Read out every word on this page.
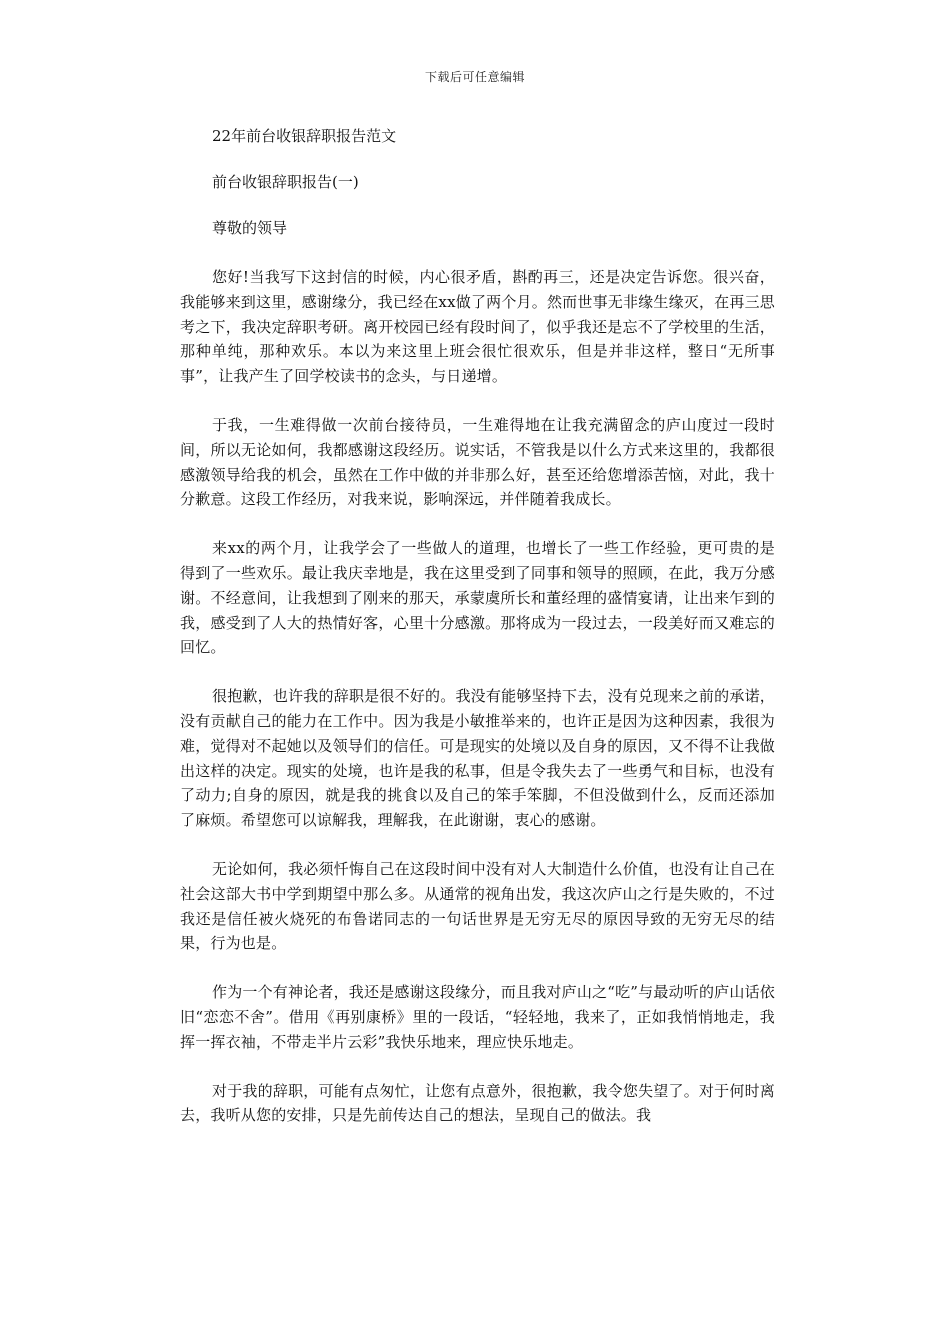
下载后可任意编辑

22年前台收银辞职报告范文

前台收银辞职报告(一)

尊敬的领导

您好!当我写下这封信的时候，内心很矛盾，斟酌再三，还是决定告诉您。很兴奋，我能够来到这里，感谢缘分，我已经在xx做了两个月。然而世事无非缘生缘灭，在再三思考之下，我决定辞职考研。离开校园已经有段时间了，似乎我还是忘不了学校里的生活，那种单纯，那种欢乐。本以为来这里上班会很忙很欢乐，但是并非这样，整日“无所事事”，让我产生了回学校读书的念头，与日递增。

于我，一生难得做一次前台接待员，一生难得地在让我充满留念的庐山度过一段时间，所以无论如何，我都感谢这段经历。说实话，不管我是以什么方式来这里的，我都很感激领导给我的机会，虽然在工作中做的并非那么好，甚至还给您增添苦恼，对此，我十分歉意。这段工作经历，对我来说，影响深远，并伴随着我成长。

来xx的两个月，让我学会了一些做人的道理，也增长了一些工作经验，更可贵的是得到了一些欢乐。最让我庆幸地是，我在这里受到了同事和领导的照顾，在此，我万分感谢。不经意间，让我想到了刚来的那天，承蒙虞所长和董经理的盛情宴请，让出来乍到的我，感受到了人大的热情好客，心里十分感激。那将成为一段过去，一段美好而又难忘的回忆。

很抱歉，也许我的辞职是很不好的。我没有能够坚持下去，没有兑现来之前的承诺，没有贡献自己的能力在工作中。因为我是小敏推举来的，也许正是因为这种因素，我很为难，觉得对不起她以及领导们的信任。可是现实的处境以及自身的原因，又不得不让我做出这样的决定。现实的处境，也许是我的私事，但是令我失去了一些勇气和目标，也没有了动力;自身的原因，就是我的挑食以及自己的笨手笨脚，不但没做到什么，反而还添加了麻烦。希望您可以谅解我，理解我，在此谢谢，衷心的感谢。

无论如何，我必须忏悔自己在这段时间中没有对人大制造什么价值，也没有让自己在社会这部大书中学到期望中那么多。从通常的视角出发，我这次庐山之行是失败的，不过我还是信任被火烧死的布鲁诺同志的一句话世界是无穷无尽的原因导致的无穷无尽的结果，行为也是。

作为一个有神论者，我还是感谢这段缘分，而且我对庐山之“吃”与最动听的庐山话依旧“恋恋不舍”。借用《再别康桥》里的一段话，“轻轻地，我来了，正如我悄悄地走，我挥一挥衣袖，不带走半片云彩”我快乐地来，理应快乐地走。

对于我的辞职，可能有点匆忙，让您有点意外，很抱歉，我令您失望了。对于何时离去，我听从您的安排，只是先前传达自己的想法，呈现自己的做法。我
